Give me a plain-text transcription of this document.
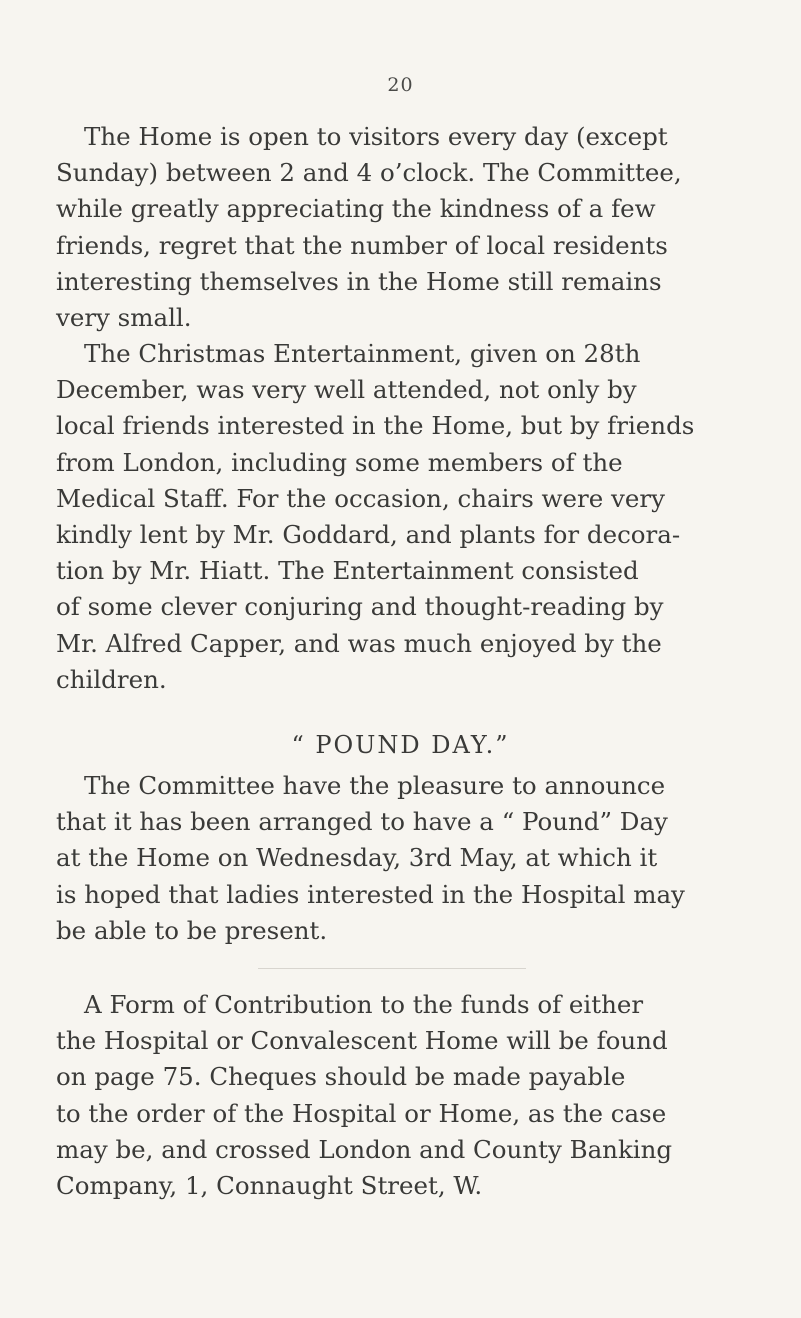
20
The Home is open to visitors every day (except
Sunday) between 2 and 4 o’clock. The Committee,
while greatly appreciating the kindness of a few
friends, regret that the number of local residents
interesting themselves in the Home still remains
very small.
The Christmas Entertainment, given on 28th
December, was very well attended, not only by
local friends interested in the Home, but by friends
from London, including some members of the
Medical Staff. For the occasion, chairs were very
kindly lent by Mr. Goddard, and plants for decora-
tion by Mr. Hiatt. The Entertainment consisted
of some clever conjuring and thought-reading by
Mr. Alfred Capper, and was much enjoyed by the
children.
“ POUND DAY.”
The Committee have the pleasure to announce
that it has been arranged to have a “ Pound” Day
at the Home on Wednesday, 3rd May, at which it
is hoped that ladies interested in the Hospital may
be able to be present.
A Form of Contribution to the funds of either
the Hospital or Convalescent Home will be found
on page 75. Cheques should be made payable
to the order of the Hospital or Home, as the case
may be, and crossed London and County Banking
Company, 1, Connaught Street, W.
